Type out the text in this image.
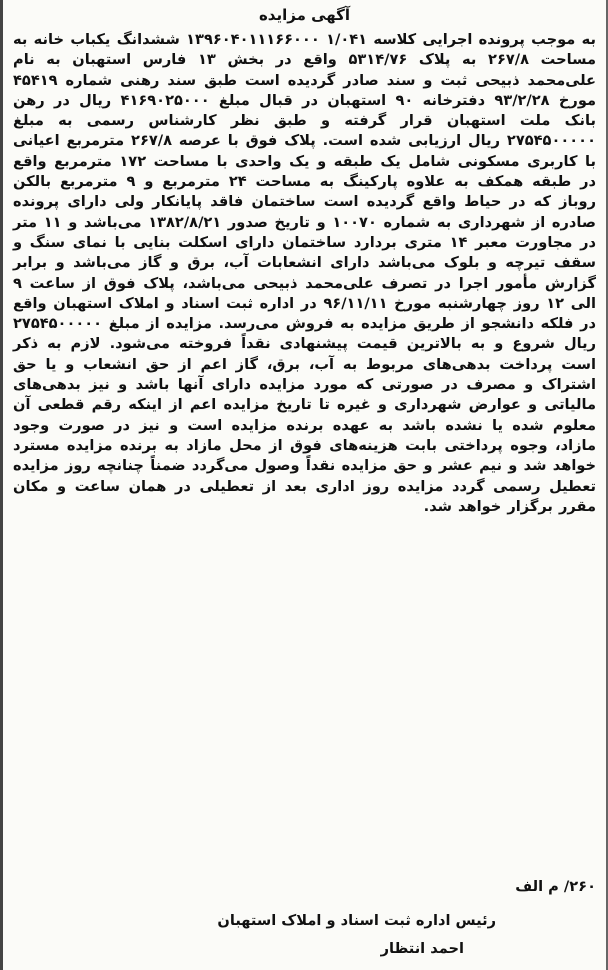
آگهی مزایده
به موجب پرونده اجرایی کلاسه ۱/۰۴۱ ۱۳۹۶۰۴۰۱۱۱۶۶۰۰۰ ششدانگ یکباب خانه به مساحت ۲۶۷/۸ به پلاک ۵۳۱۴/۷۶ واقع در بخش ۱۳ فارس استهبان به نام علی‌محمد ذبیحی ثبت و سند صادر گردیده است طبق سند رهنی شماره ۴۵۴۱۹ مورخ ۹۳/۲/۲۸ دفترخانه ۹۰ استهبان در قبال مبلغ ۴۱۶۹۰۲۵۰۰۰ ریال در رهن بانک ملت استهبان قرار گرفته و طبق نظر کارشناس رسمی به مبلغ ۲۷۵۴۵۰۰۰۰۰ ریال ارزیابی شده است. پلاک فوق با عرصه ۲۶۷/۸ مترمربع اعیانی با کاربری مسکونی شامل یک طبقه و یک واحدی با مساحت ۱۷۲ مترمربع واقع در طبقه همکف به علاوه پارکینگ به مساحت ۲۴ مترمربع و ۹ مترمربع بالکن روباز که در حیاط واقع گردیده است ساختمان فاقد پایانکار ولی دارای پرونده صادره از شهرداری به شماره ۱۰۰۷۰ و تاریخ صدور ۱۳۸۲/۸/۲۱ می‌باشد و ۱۱ متر در مجاورت معبر ۱۴ متری بردارد ساختمان دارای اسکلت بنایی با نمای سنگ و سقف تیرچه و بلوک می‌باشد دارای انشعابات آب، برق و گاز می‌باشد و برابر گزارش مأمور اجرا در تصرف علی‌محمد ذبیحی می‌باشد، پلاک فوق از ساعت ۹ الی ۱۲ روز چهارشنبه مورخ ۹۶/۱۱/۱۱ در اداره ثبت اسناد و املاک استهبان واقع در فلکه دانشجو از طریق مزایده به فروش می‌رسد. مزایده از مبلغ ۲۷۵۴۵۰۰۰۰۰ ریال شروع و به بالاترین قیمت پیشنهادی نقداً فروخته می‌شود. لازم به ذکر است پرداخت بدهی‌های مربوط به آب، برق، گاز اعم از حق انشعاب و یا حق اشتراک و مصرف در صورتی که مورد مزایده دارای آنها باشد و نیز بدهی‌های مالیاتی و عوارض شهرداری و غیره تا تاریخ مزایده اعم از اینکه رقم قطعی آن معلوم شده یا نشده باشد به عهده برنده مزایده است و نیز در صورت وجود مازاد، وجوه پرداختی بابت هزینه‌های فوق از محل مازاد به برنده مزایده مسترد خواهد شد و نیم عشر و حق مزایده نقداً وصول می‌گردد ضمناً چنانچه روز مزایده تعطیل رسمی گردد مزایده روز اداری بعد از تعطیلی در همان ساعت و مکان مقرر برگزار خواهد شد.
۲۶۰/ م الف
رئیس اداره ثبت اسناد و املاک استهبان
احمد انتظار
